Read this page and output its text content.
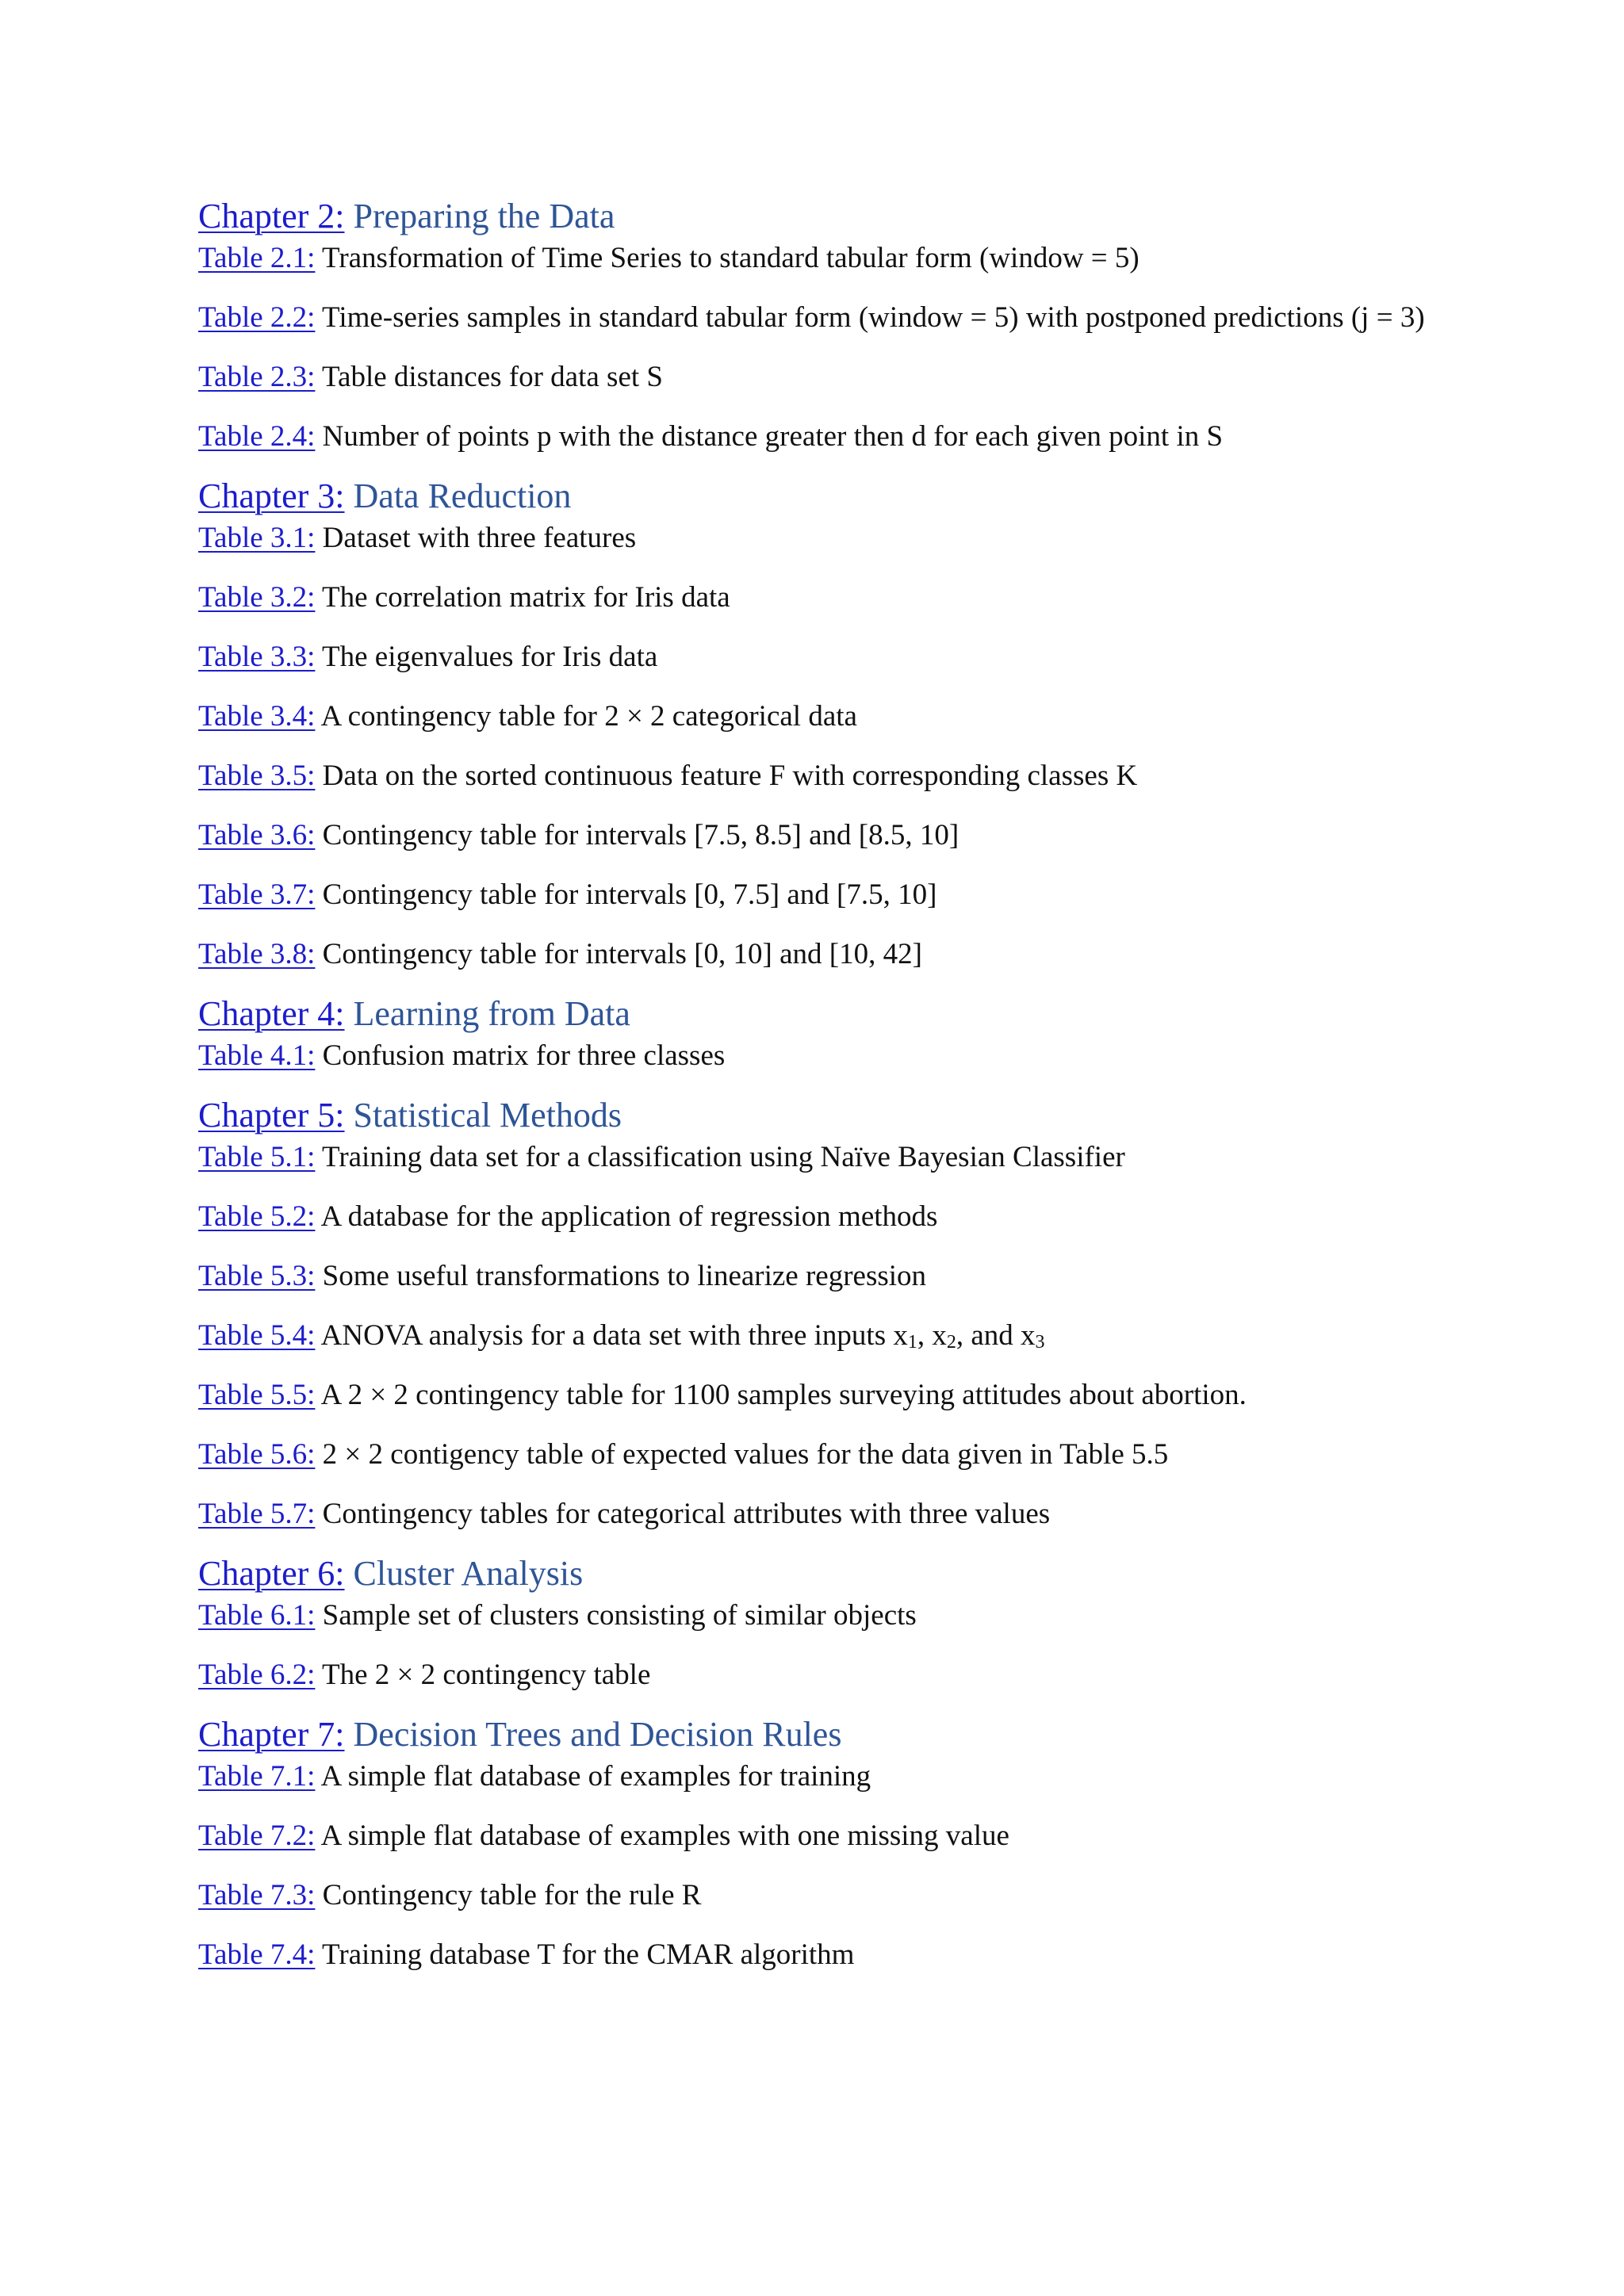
Chapter 2: Preparing the Data

Table 2.1: Transformation of Time Series to standard tabular form (window = 5)

Table 2.2: Time-series samples in standard tabular form (window = 5) with postponed predictions (j = 3)

Table 2.3: Table distances for data set S

Table 2.4: Number of points p with the distance greater then d for each given point in S

Chapter 3: Data Reduction

Table 3.1: Dataset with three features

Table 3.2: The correlation matrix for Iris data

Table 3.3: The eigenvalues for Iris data

Table 3.4: A contingency table for 2 × 2 categorical data

Table 3.5: Data on the sorted continuous feature F with corresponding classes K

Table 3.6: Contingency table for intervals [7.5, 8.5] and [8.5, 10]

Table 3.7: Contingency table for intervals [0, 7.5] and [7.5, 10]

Table 3.8: Contingency table for intervals [0, 10] and [10, 42]

Chapter 4: Learning from Data

Table 4.1: Confusion matrix for three classes

Chapter 5: Statistical Methods

Table 5.1: Training data set for a classification using Naïve Bayesian Classifier

Table 5.2: A database for the application of regression methods

Table 5.3: Some useful transformations to linearize regression

Table 5.4: ANOVA analysis for a data set with three inputs $x_1$, $x_2$, and $x_3$

Table 5.5: A 2 × 2 contingency table for 1100 samples surveying attitudes about abortion.

Table 5.6: 2 × 2 contigency table of expected values for the data given in Table 5.5

Table 5.7: Contingency tables for categorical attributes with three values

Chapter 6: Cluster Analysis

Table 6.1: Sample set of clusters consisting of similar objects

Table 6.2: The 2 × 2 contingency table

Chapter 7: Decision Trees and Decision Rules

Table 7.1: A simple flat database of examples for training

Table 7.2: A simple flat database of examples with one missing value

Table 7.3: Contingency table for the rule R

Table 7.4: Training database T for the CMAR algorithm
